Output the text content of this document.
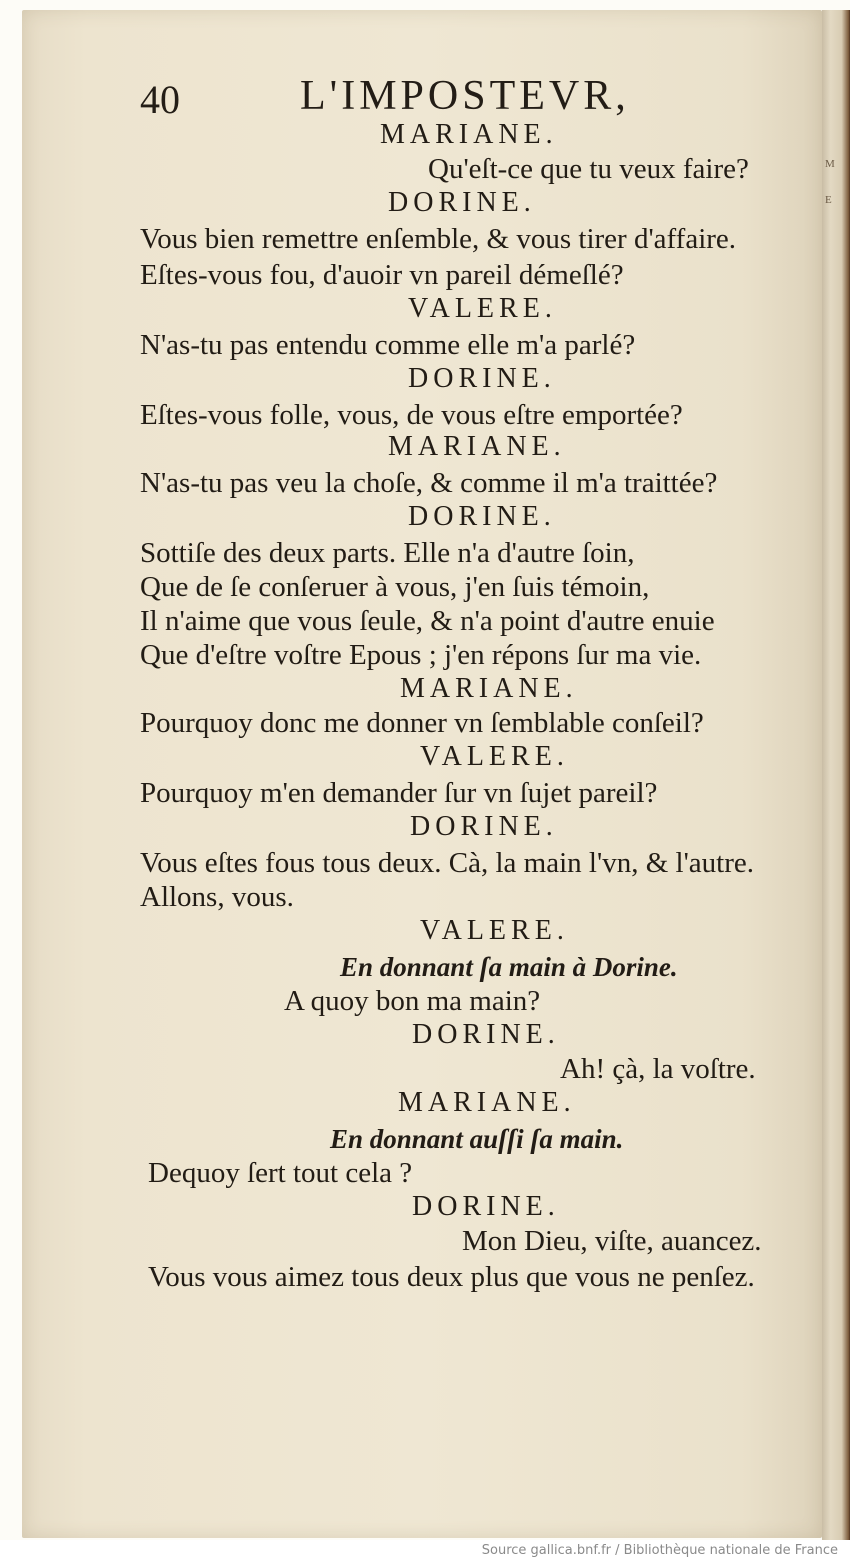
M
E
40	L'IMPOSTEVR,
MARIANE.
Qu'eſt-ce que tu veux faire?
DORINE.
Vous bien remettre enſemble, & vous tirer d'affaire.
Eſtes-vous fou, d'auoir vn pareil démeſlé?
VALERE.
N'as-tu pas entendu comme elle m'a parlé?
DORINE.
Eſtes-vous folle, vous, de vous eſtre emportée?
MARIANE.
N'as-tu pas veu la choſe, & comme il m'a traittée?
DORINE.
Sottiſe des deux parts. Elle n'a d'autre ſoin,
Que de ſe conſeruer à vous, j'en ſuis témoin,
Il n'aime que vous ſeule, & n'a point d'autre enuie
Que d'eſtre voſtre Epous ; j'en répons ſur ma vie.
MARIANE.
Pourquoy donc me donner vn ſemblable conſeil?
VALERE.
Pourquoy m'en demander ſur vn ſujet pareil?
DORINE.
Vous eſtes fous tous deux. Cà, la main l'vn, & l'autre.
Allons, vous.
VALERE.
En donnant ſa main à Dorine.
A quoy bon ma main?
DORINE.
Ah! çà, la voſtre.
MARIANE.
En donnant auſſi ſa main.
Dequoy ſert tout cela ?
DORINE.
Mon Dieu, viſte, auancez.
Vous vous aimez tous deux plus que vous ne penſez.
Source gallica.bnf.fr / Bibliothèque nationale de France
